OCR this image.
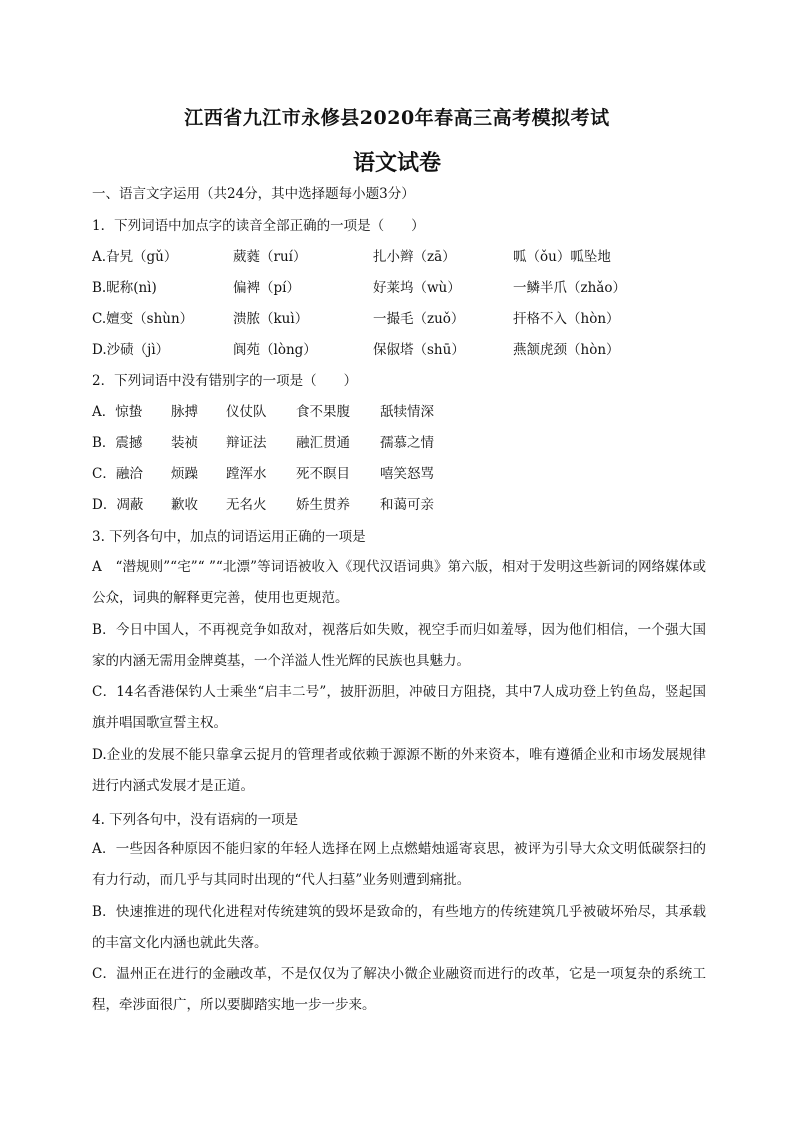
江西省九江市永修县2020年春高三高考模拟考试
语文试卷
一、语言文字运用（共24分，其中选择题每小题3分）
1．下列词语中加点字的读音全部正确的一项是（　　）
A.旮旯（gǔ）	葳蕤（ruí）	扎小辫（zā）	呱（ǒu）呱坠地
B.昵称(nì)	偏裨（pí）	好莱坞（wù）	一鳞半爪（zhǎo）
C.嬗变（shùn）	溃脓（kuì）	一撮毛（zuǒ）	扞格不入（hòn）
D.沙碛（jì）	阆苑（lòng）	保俶塔（shū）	燕颔虎颈（hòn）
2．下列词语中没有错别字的一项是（　　）
A．惊蛰 脉搏 仪仗队 食不果腹 舐犊情深
B．震撼 装祯 辩证法 融汇贯通 孺慕之情
C．融洽 烦躁 蹚浑水 死不瞑目 嘻笑怒骂
D．凋蔽 歉收 无名火 娇生贯养 和蔼可亲
3. 下列各句中，加点的词语运用正确的一项是
A　“潜规则”“宅”“ ”“北漂”等词语被收入《现代汉语词典》第六版，相对于发明这些新词的网络媒体或公众，词典的解释更完善，使用也更规范。
B．今日中国人，不再视竞争如敌对，视落后如失败，视空手而归如羞辱，因为他们相信，一个强大国家的内涵无需用金牌奠基，一个洋溢人性光辉的民族也具魅力。
C．14名香港保钓人士乘坐“启丰二号”，披肝沥胆，冲破日方阻挠，其中7人成功登上钓鱼岛，竖起国旗并唱国歌宣誓主权。
D.企业的发展不能只靠拿云捉月的管理者或依赖于源源不断的外来资本，唯有遵循企业和市场发展规律进行内涵式发展才是正道。
4. 下列各句中，没有语病的一项是
A．一些因各种原因不能归家的年轻人选择在网上点燃蜡烛遥寄哀思，被评为引导大众文明低碳祭扫的有力行动，而几乎与其同时出现的“代人扫墓”业务则遭到痛批。
B．快速推进的现代化进程对传统建筑的毁坏是致命的，有些地方的传统建筑几乎被破坏殆尽，其承载的丰富文化内涵也就此失落。
C．温州正在进行的金融改革，不是仅仅为了解决小微企业融资而进行的改革，它是一项复杂的系统工程，牵涉面很广，所以要脚踏实地一步一步来。
